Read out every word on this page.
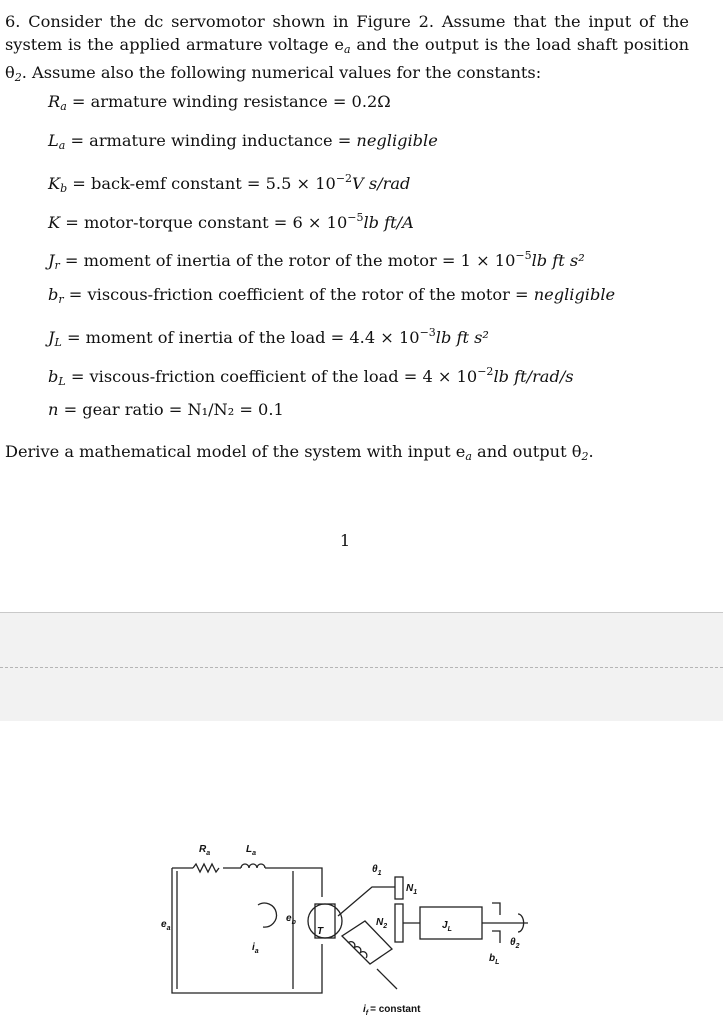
6. Consider the dc servomotor shown in Figure 2. Assume that the input of the system is the applied armature voltage $e_a$ and the output is the load shaft position $\theta_2$. Assume also the following numerical values for the constants:
$R_a$ = armature winding resistance = 0.2Ω
$L_a$ = armature winding inductance = negligible
$K_b$ = back-emf constant = $5.5 \times 10^{-2}V$ s/rad
K = motor-torque constant = $6 \times 10^{-5}lb$ ft/A
$J_r$ = moment of inertia of the rotor of the motor = $1 \times 10^{-5}lb$ ft s²
$b_r$ = viscous-friction coefficient of the rotor of the motor = negligible
$J_L$ = moment of inertia of the load = $4.4 \times 10^{-3}lb$ ft s²
$b_L$ = viscous-friction coefficient of the load = $4 \times 10^{-2}lb$ ft/rad/s
n = gear ratio = N₁/N₂ = 0.1
Derive a mathematical model of the system with input $e_a$ and output $\theta_2$.
1
$R_a$	$L_a$
$e_a$
$e_b$
$i_a$
T
$\theta_1$
$N_1$
$N_2$	$J_L$
$\theta_2$
$b_L$
$i_f$ = constant
